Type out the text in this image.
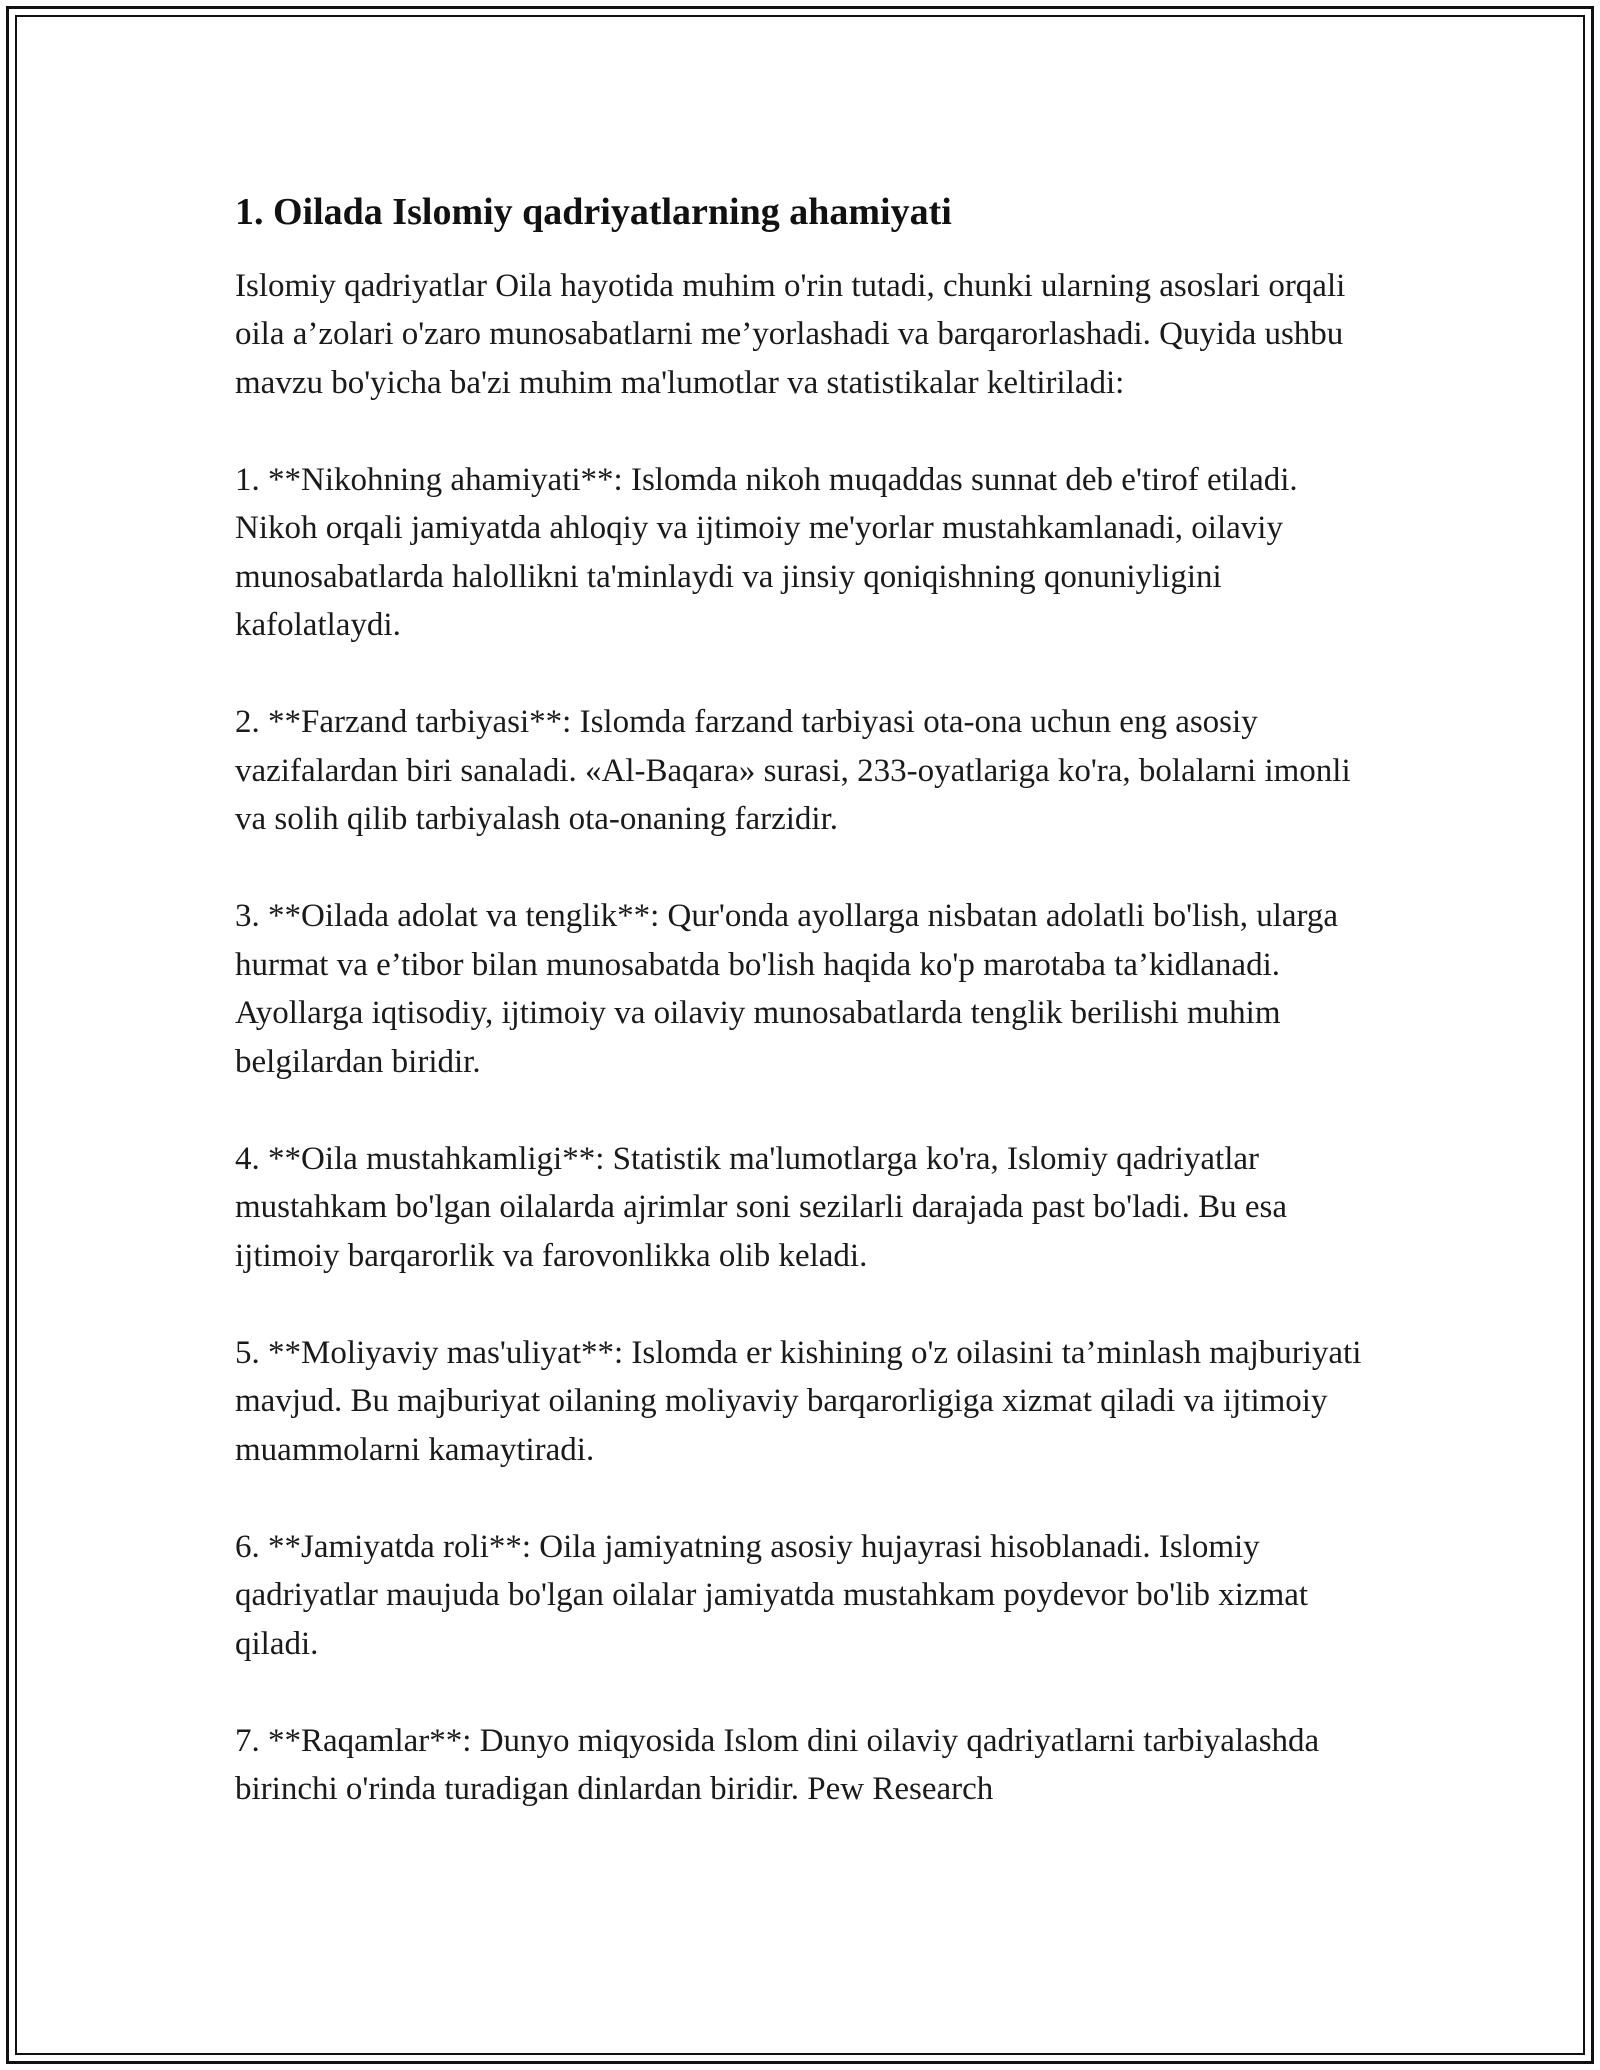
1. Oilada Islomiy qadriyatlarning ahamiyati

Islomiy qadriyatlar Oila hayotida muhim o'rin tutadi, chunki ularning asoslari orqali oila a’zolari o'zaro munosabatlarni me’yorlashadi va barqarorlashadi. Quyida ushbu mavzu bo'yicha ba'zi muhim ma'lumotlar va statistikalar keltiriladi:

1. **Nikohning ahamiyati**: Islomda nikoh muqaddas sunnat deb e'tirof etiladi. Nikoh orqali jamiyatda ahloqiy va ijtimoiy me'yorlar mustahkamlanadi, oilaviy munosabatlarda halollikni ta'minlaydi va jinsiy qoniqishning qonuniyligini kafolatlaydi.

2. **Farzand tarbiyasi**: Islomda farzand tarbiyasi ota-ona uchun eng asosiy vazifalardan biri sanaladi. «Al-Baqara» surasi, 233-oyatlariga ko'ra, bolalarni imonli va solih qilib tarbiyalash ota-onaning farzidir.

3. **Oilada adolat va tenglik**: Qur'onda ayollarga nisbatan adolatli bo'lish, ularga hurmat va e’tibor bilan munosabatda bo'lish haqida ko'p marotaba ta’kidlanadi. Ayollarga iqtisodiy, ijtimoiy va oilaviy munosabatlarda tenglik berilishi muhim belgilardan biridir.

4. **Oila mustahkamligi**: Statistik ma'lumotlarga ko'ra, Islomiy qadriyatlar mustahkam bo'lgan oilalarda ajrimlar soni sezilarli darajada past bo'ladi. Bu esa ijtimoiy barqarorlik va farovonlikka olib keladi.

5. **Moliyaviy mas'uliyat**: Islomda er kishining o'z oilasini ta’minlash majburiyati mavjud. Bu majburiyat oilaning moliyaviy barqarorligiga xizmat qiladi va ijtimoiy muammolarni kamaytiradi.

6. **Jamiyatda roli**: Oila jamiyatning asosiy hujayrasi hisoblanadi. Islomiy qadriyatlar maujuda bo'lgan oilalar jamiyatda mustahkam poydevor bo'lib xizmat qiladi.

7. **Raqamlar**: Dunyo miqyosida Islom dini oilaviy qadriyatlarni tarbiyalashda birinchi o'rinda turadigan dinlardan biridir. Pew Research
